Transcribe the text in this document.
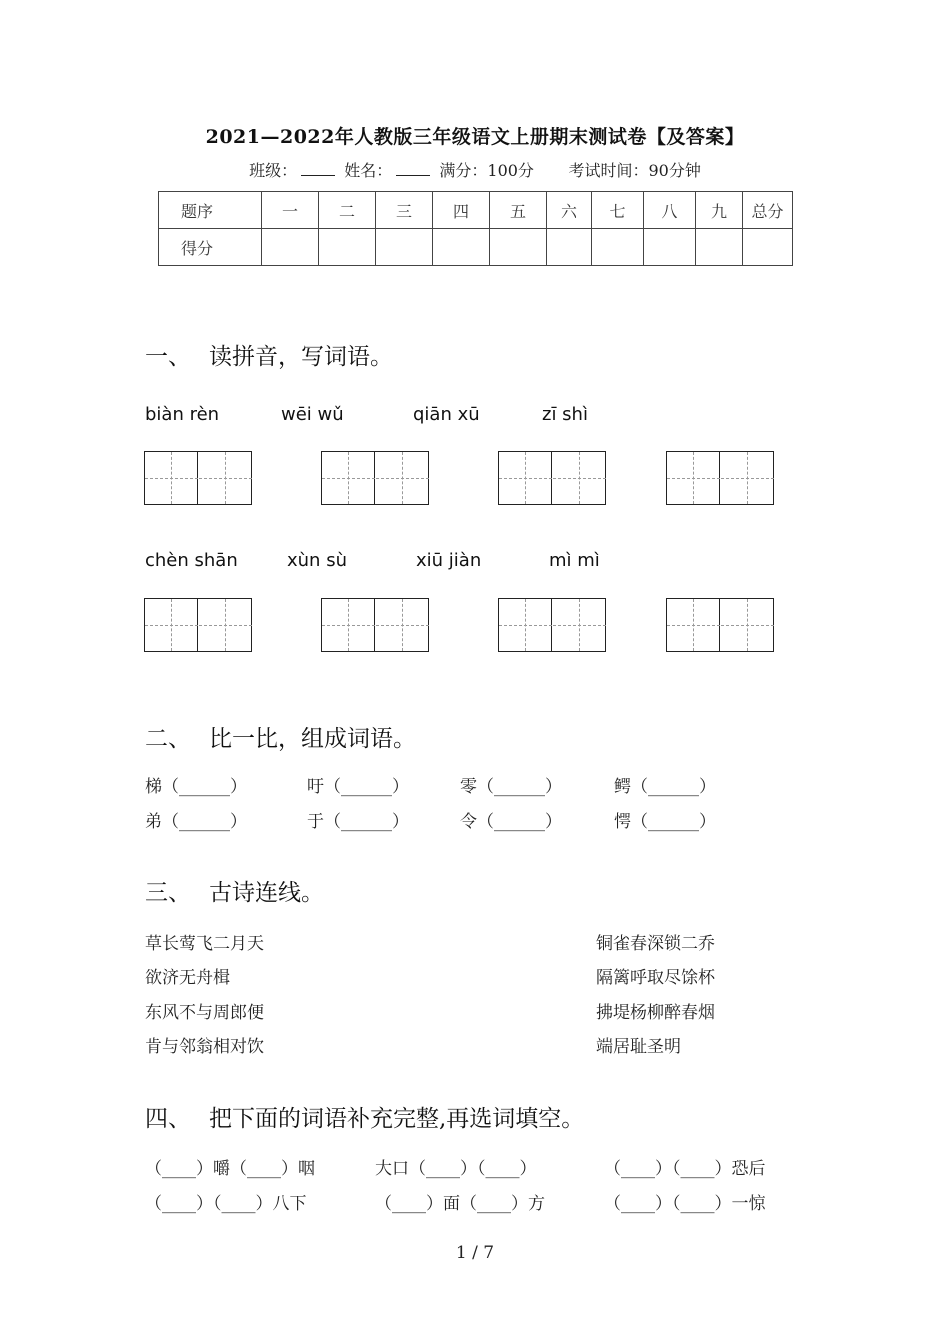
2021—2022年人教版三年级语文上册期末测试卷【及答案】
班级：	姓名：	满分：100分 考试时间：90分钟
题序	一	二	三	四	五	六	七	八	九	总分
得分										
一、 读拼音，写词语。
biàn rèn	wēi wǔ	qiān xū	zī shì
chèn shān	xùn sù	xiū jiàn	mì mì
二、 比一比，组成词语。
梯（______）	吁（______）	零（______）	鳄（______）
弟（______）	于（______）	令（______）	愕（______）
三、 古诗连线。
草长莺飞二月天
欲济无舟楫
东风不与周郎便
肯与邻翁相对饮
铜雀春深锁二乔
隔篱呼取尽馀杯
拂堤杨柳醉春烟
端居耻圣明
四、 把下面的词语补充完整,再选词填空。
（____）嚼（____）咽	大口（____）（____）	（____）（____）恐后
（____）（____）八下	（____）面（____）方	（____）（____）一惊
1 / 7
